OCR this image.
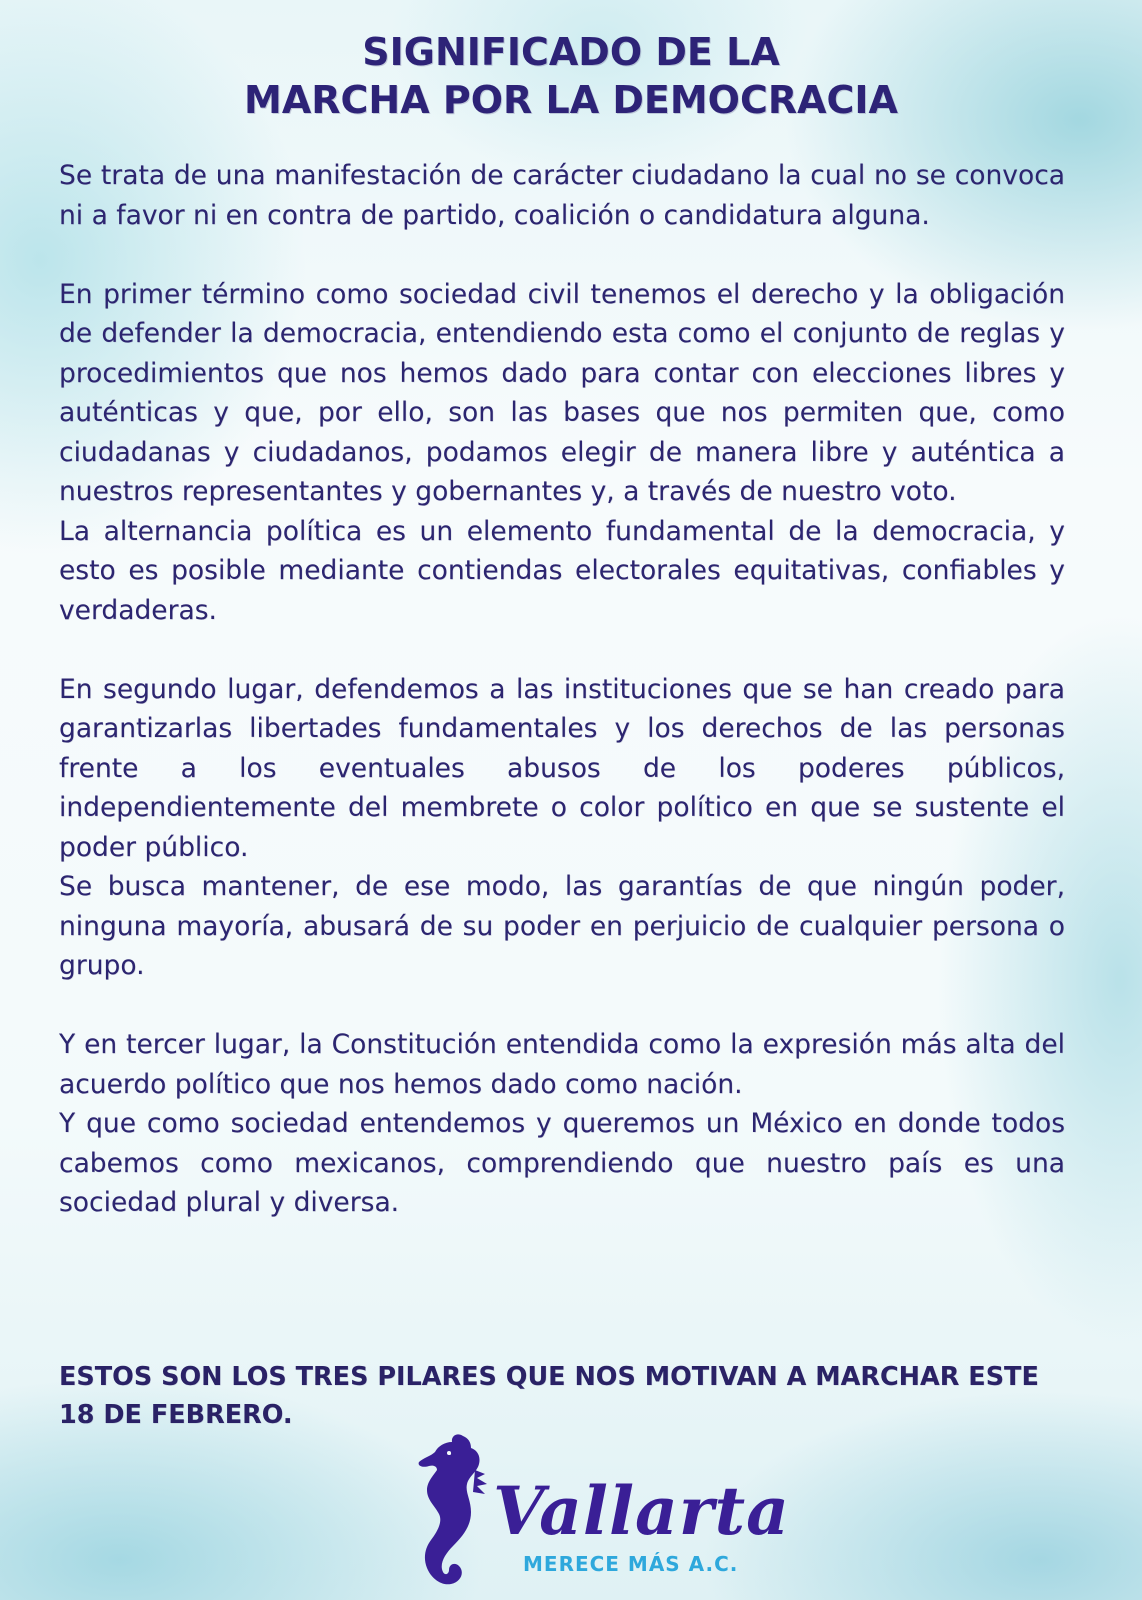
SIGNIFICADO DE LA
MARCHA POR LA DEMOCRACIA

Se trata de una manifestación de carácter ciudadano la cual no se convoca ni a favor ni en contra de partido, coalición o candidatura alguna.

En primer término como sociedad civil tenemos el derecho y la obligación de defender la democracia, entendiendo esta como el conjunto de reglas y procedimientos que nos hemos dado para contar con elecciones libres y auténticas y que, por ello, son las bases que nos permiten que, como ciudadanas y ciudadanos, podamos elegir de manera libre y auténtica a nuestros representantes y gobernantes y, a través de nuestro voto.

La alternancia política es un elemento fundamental de la democracia, y esto es posible mediante contiendas electorales equitativas, confiables y verdaderas.

En segundo lugar, defendemos a las instituciones que se han creado para garantizarlas libertades fundamentales y los derechos de las personas frente a los eventuales abusos de los poderes públicos, independientemente del membrete o color político en que se sustente el poder público.

Se busca mantener, de ese modo, las garantías de que ningún poder, ninguna mayoría, abusará de su poder en perjuicio de cualquier persona o grupo.

Y en tercer lugar, la Constitución entendida como la expresión más alta del acuerdo político que nos hemos dado como nación.

Y que como sociedad entendemos y queremos un México en donde todos cabemos como mexicanos, comprendiendo que nuestro país es una sociedad plural y diversa.

ESTOS SON LOS TRES PILARES QUE NOS MOTIVAN A MARCHAR ESTE 18 DE FEBRERO.
Vallarta
MERECE MÁS A.C.
